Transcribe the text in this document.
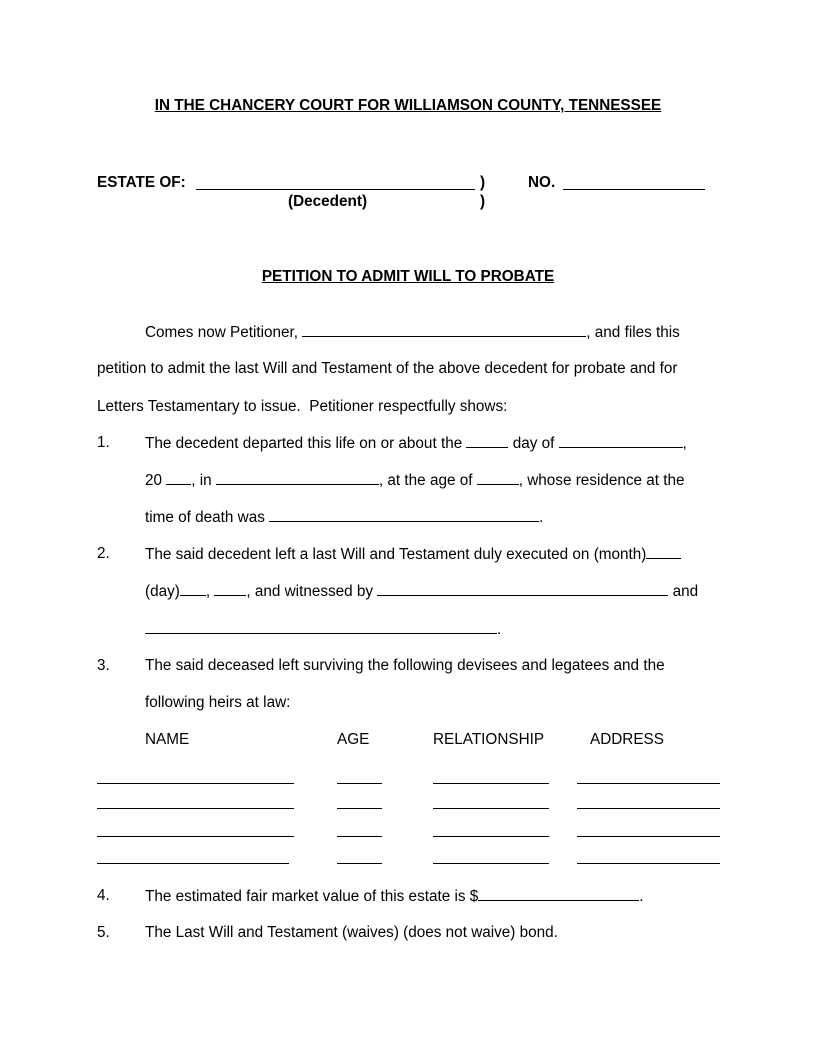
IN THE CHANCERY COURT FOR WILLIAMSON COUNTY, TENNESSEE
ESTATE OF:	)
(Decedent)	)
NO.
PETITION TO ADMIT WILL TO PROBATE
Comes now Petitioner,	, and files this
petition to admit the last Will and Testament of the above decedent for probate and for
Letters Testamentary to issue.  Petitioner respectfully shows:
1. The decedent departed this life on or about the	day of	,
20 , in	, at the age of	, whose residence at the
time of death was	.
2. The said decedent left a last Will and Testament duly executed on (month)
(day) , , and witnessed by	and
.
3. The said deceased left surviving the following devisees and legatees and the
following heirs at law:
NAME	AGE	RELATIONSHIP	ADDRESS
4. The estimated fair market value of this estate is $	.
5. The Last Will and Testament (waives) (does not waive) bond.
